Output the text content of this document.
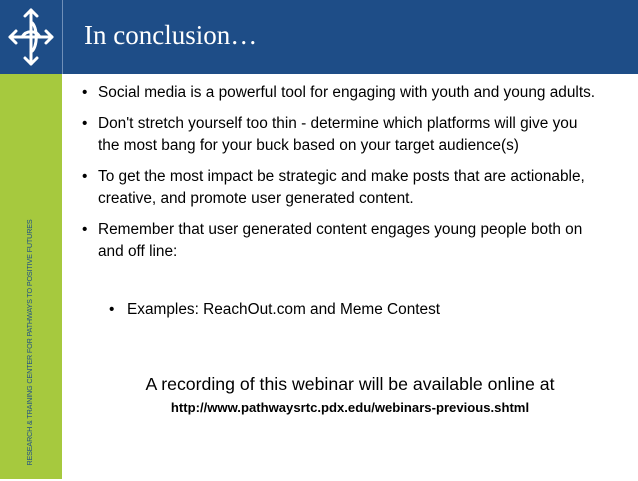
In conclusion…
RESEARCH & TRAINING CENTER FOR PATHWAYS TO POSITIVE FUTURES
• Social media is a powerful tool for engaging with youth and young adults.
• Don't stretch yourself too thin - determine which platforms will give you the most bang for your buck based on your target audience(s)
• To get the most impact be strategic and make posts that are actionable, creative, and promote user generated content.
• Remember that user generated content engages young people both on and off line:
• Examples: ReachOut.com and Meme Contest
A recording of this webinar will be available online at
http://www.pathwaysrtc.pdx.edu/webinars-previous.shtml
